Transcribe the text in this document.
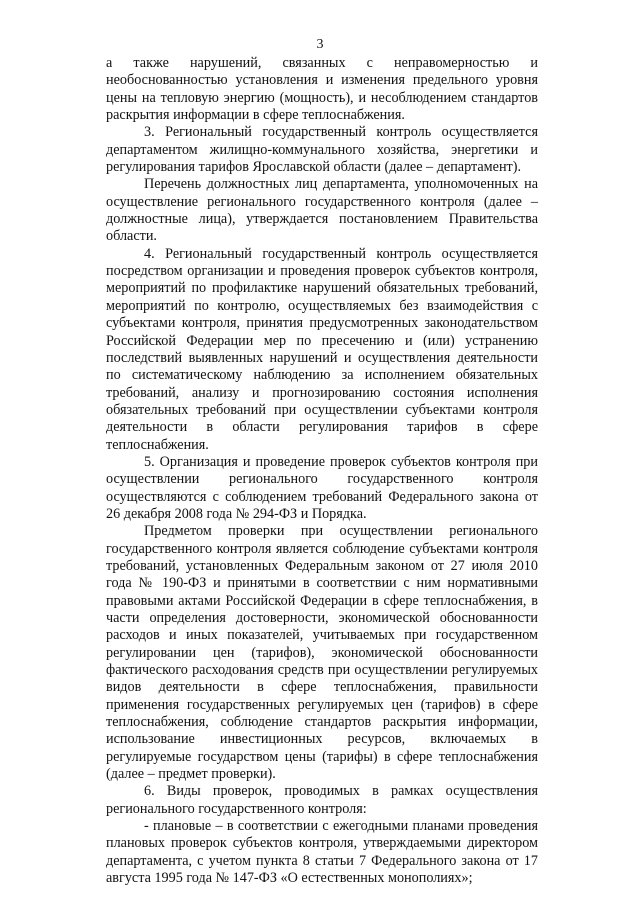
3

а также нарушений, связанных с неправомерностью и необоснованностью установления и изменения предельного уровня цены на тепловую энергию (мощность), и несоблюдением стандартов раскрытия информации в сфере теплоснабжения.

3. Региональный государственный контроль осуществляется департаментом жилищно-коммунального хозяйства, энергетики и регулирования тарифов Ярославской области (далее – департамент).

Перечень должностных лиц департамента, уполномоченных на осуществление регионального государственного контроля (далее – должностные лица), утверждается постановлением Правительства области.

4. Региональный государственный контроль осуществляется посредством организации и проведения проверок субъектов контроля, мероприятий по профилактике нарушений обязательных требований, мероприятий по контролю, осуществляемых без взаимодействия с субъектами контроля, принятия предусмотренных законодательством Российской Федерации мер по пресечению и (или) устранению последствий выявленных нарушений и осуществления деятельности по систематическому наблюдению за исполнением обязательных требований, анализу и прогнозированию состояния исполнения обязательных требований при осуществлении субъектами контроля деятельности в области регулирования тарифов в сфере теплоснабжения.

5. Организация и проведение проверок субъектов контроля при осуществлении регионального государственного контроля осуществляются с соблюдением требований Федерального закона от 26 декабря 2008 года № 294-ФЗ и Порядка.

Предметом проверки при осуществлении регионального государственного контроля является соблюдение субъектами контроля требований, установленных Федеральным законом от 27 июля 2010 года № 190-ФЗ и принятыми в соответствии с ним нормативными правовыми актами Российской Федерации в сфере теплоснабжения, в части определения достоверности, экономической обоснованности расходов и иных показателей, учитываемых при государственном регулировании цен (тарифов), экономической обоснованности фактического расходования средств при осуществлении регулируемых видов деятельности в сфере теплоснабжения, правильности применения государственных регулируемых цен (тарифов) в сфере теплоснабжения, соблюдение стандартов раскрытия информации, использование инвестиционных ресурсов, включаемых в регулируемые государством цены (тарифы) в сфере теплоснабжения (далее – предмет проверки).

6. Виды проверок, проводимых в рамках осуществления регионального государственного контроля:

- плановые – в соответствии с ежегодными планами проведения плановых проверок субъектов контроля, утверждаемыми директором департамента, с учетом пункта 8 статьи 7 Федерального закона от 17 августа 1995 года № 147-ФЗ «О естественных монополиях»;
